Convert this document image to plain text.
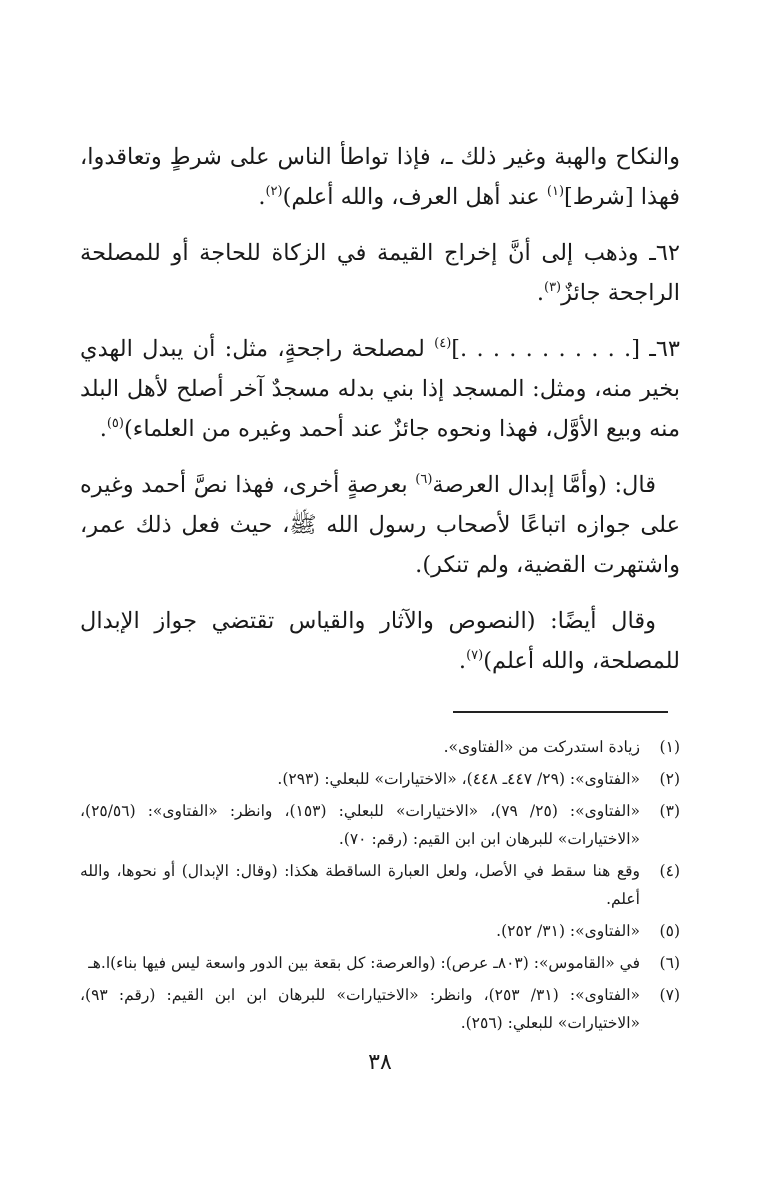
والنكاح والهبة وغير ذلك ـ، فإذا تواطأ الناس على شرطٍ وتعاقدوا، فهذا [شرط]$^{(١)}$ عند أهل العرف، والله أعلم)$^{(٢)}$.

٦٢ـ وذهب إلى أنَّ إخراج القيمة في الزكاة للحاجة أو للمصلحة الراجحة جائزٌ$^{(٣)}$.

٦٣ـ [. . . . . . . . . . .]$^{(٤)}$ لمصلحة راجحةٍ، مثل: أن يبدل الهدي بخير منه، ومثل: المسجد إذا بني بدله مسجدٌ آخر أصلح لأهل البلد منه وبيع الأوَّل، فهذا ونحوه جائزٌ عند أحمد وغيره من العلماء)$^{(٥)}$.

قال: (وأمَّا إبدال العرصة$^{(٦)}$ بعرصةٍ أخرى، فهذا نصَّ أحمد وغيره على جوازه اتباعًا لأصحاب رسول الله ﷺ، حيث فعل ذلك عمر، واشتهرت القضية، ولم تنكر).

وقال أيضًا: (النصوص والآثار والقياس تقتضي جواز الإبدال للمصلحة، والله أعلم)$^{(٧)}$.

(١)
زيادة استدركت من «الفتاوى».
(٢)
«الفتاوى»: (٢٩/ ٤٤٧ـ ٤٤٨)، «الاختيارات» للبعلي: (٢٩٣).
(٣)
«الفتاوى»: (٢٥/ ٧٩)، «الاختيارات» للبعلي: (١٥٣)، وانظر: «الفتاوى»: (٢٥/٥٦)، «الاختيارات» للبرهان ابن ابن القيم: (رقم: ٧٠).
(٤)
وقع هنا سقط في الأصل، ولعل العبارة الساقطة هكذا: (وقال: الإبدال) أو نحوها، والله أعلم.
(٥)
«الفتاوى»: (٣١/ ٢٥٢).
(٦)
في «القاموس»: (٨٠٣ـ عرص): (والعرصة: كل بقعة بين الدور واسعة ليس فيها بناء)ا.هـ
(٧)
«الفتاوى»: (٣١/ ٢٥٣)، وانظر: «الاختيارات» للبرهان ابن ابن القيم: (رقم: ٩٣)، «الاختيارات» للبعلي: (٢٥٦).
٣٨
